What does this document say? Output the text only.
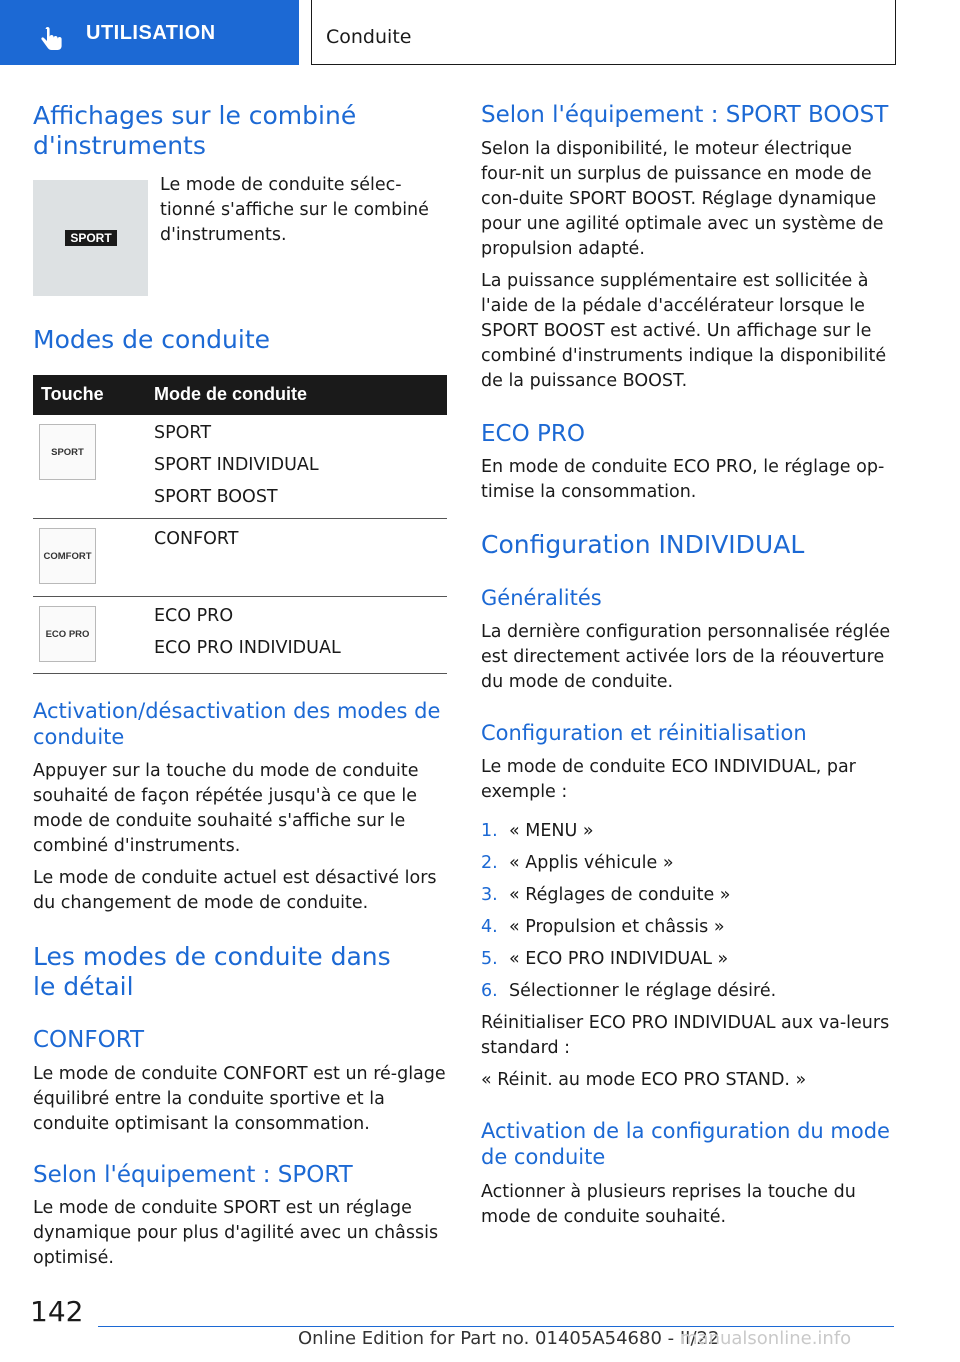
UTILISATION	Conduite
Affichages sur le combiné d'instruments
SPORT

Le mode de conduite sélec-tionné s'affiche sur le combiné d'instruments.

Modes de conduite
Touche	Mode de conduite
SPORT
SPORT
SPORT INDIVIDUAL
SPORT BOOST
COMFORT
CONFORT
ECO PRO
ECO PRO
ECO PRO INDIVIDUAL
Activation/désactivation des modes de conduite

Appuyer sur la touche du mode de conduite souhaité de façon répétée jusqu'à ce que le mode de conduite souhaité s'affiche sur le combiné d'instruments.

Le mode de conduite actuel est désactivé lors du changement de mode de conduite.

Les modes de conduite dans le détail
CONFORT

Le mode de conduite CONFORT est un ré-glage équilibré entre la conduite sportive et la conduite optimisant la consommation.

Selon l'équipement : SPORT

Le mode de conduite SPORT est un réglage dynamique pour plus d'agilité avec un châssis optimisé.

Selon l'équipement : SPORT BOOST

Selon la disponibilité, le moteur électrique four-nit un surplus de puissance en mode de con-duite SPORT BOOST. Réglage dynamique pour une agilité optimale avec un système de propulsion adapté.

La puissance supplémentaire est sollicitée à l'aide de la pédale d'accélérateur lorsque le SPORT BOOST est activé. Un affichage sur le combiné d'instruments indique la disponibilité de la puissance BOOST.

ECO PRO

En mode de conduite ECO PRO, le réglage op-timise la consommation.

Configuration INDIVIDUAL
Généralités

La dernière configuration personnalisée réglée est directement activée lors de la réouverture du mode de conduite.

Configuration et réinitialisation

Le mode de conduite ECO INDIVIDUAL, par exemple :

1. « MENU »
2. « Applis véhicule »
3. « Réglages de conduite »
4. « Propulsion et châssis »
5. « ECO PRO INDIVIDUAL »
6. Sélectionner le réglage désiré.

Réinitialiser ECO PRO INDIVIDUAL aux va-leurs standard :

« Réinit. au mode ECO PRO STAND. »

Activation de la configuration du mode de conduite

Actionner à plusieurs reprises la touche du mode de conduite souhaité.

142
Online Edition for Part no. 01405A54680 - II/22
manualsonline.info
